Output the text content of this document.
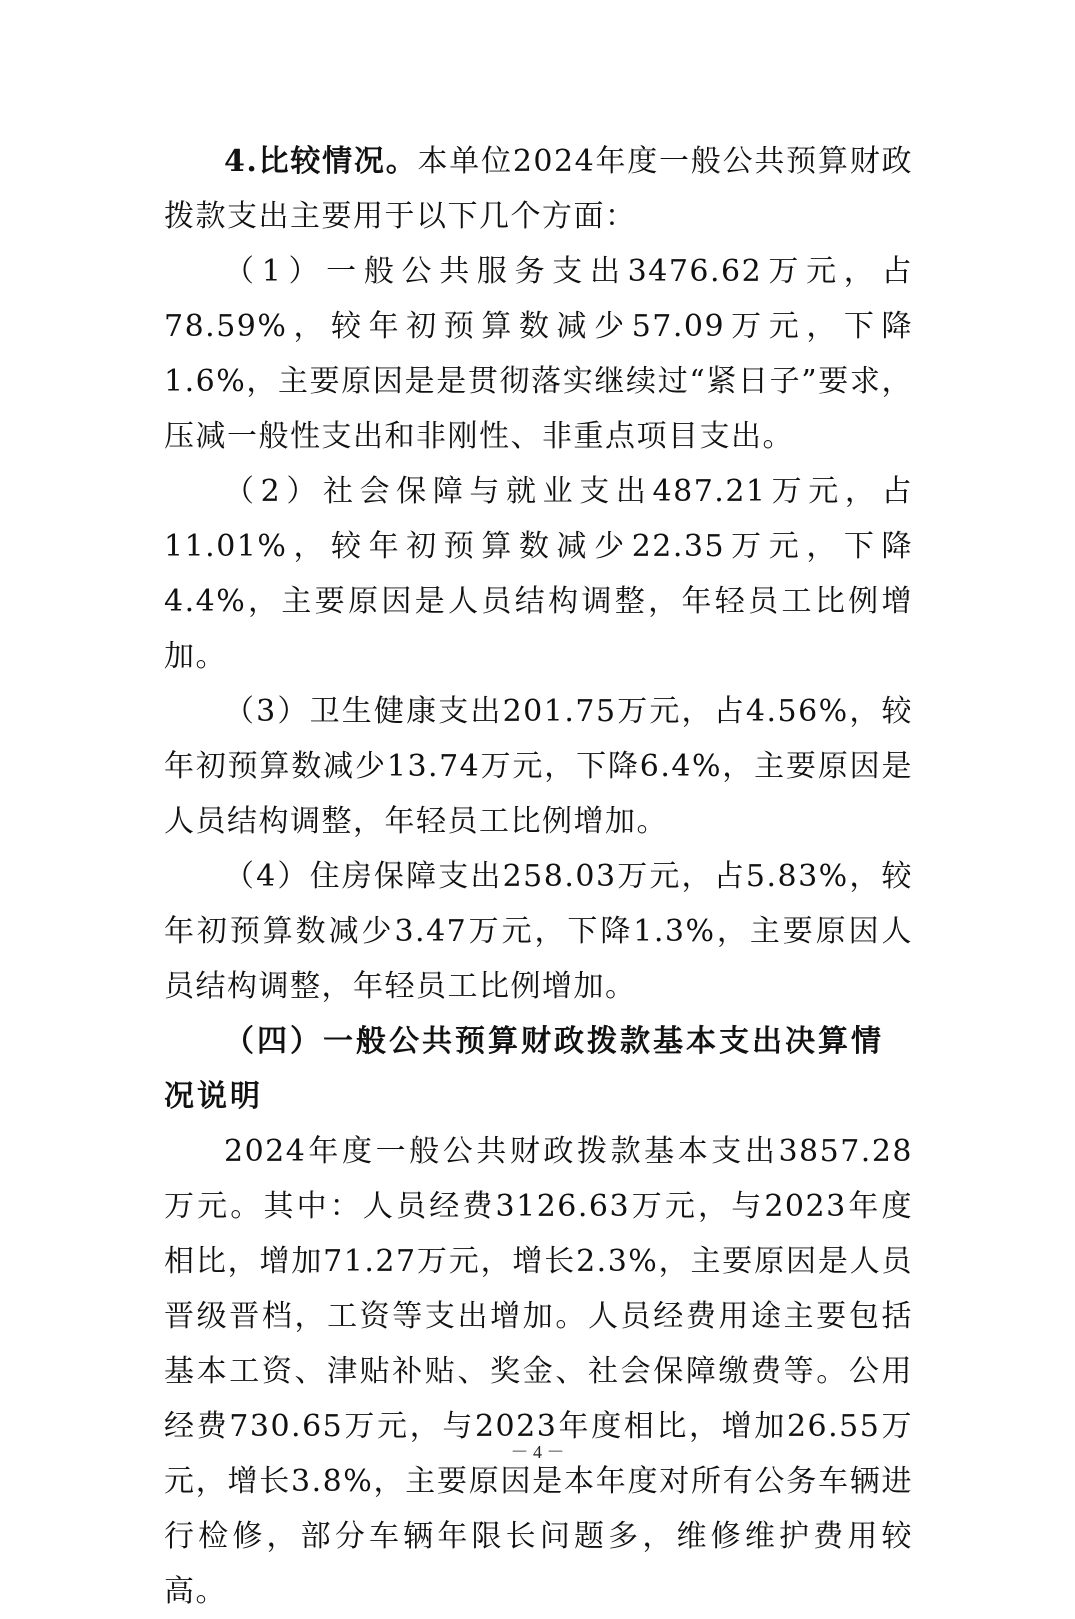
4.比较情况。本单位2024年度一般公共预算财政拨款支出主要用于以下几个方面：

（1）一般公共服务支出3476.62万元，占78.59%，较年初预算数减少57.09万元，下降1.6%，主要原因是是贯彻落实继续过“紧日子”要求，压减一般性支出和非刚性、非重点项目支出。

（2）社会保障与就业支出487.21万元，占11.01%，较年初预算数减少22.35万元，下降4.4%，主要原因是人员结构调整，年轻员工比例增加。

（3）卫生健康支出201.75万元，占4.56%，较年初预算数减少13.74万元，下降6.4%，主要原因是人员结构调整，年轻员工比例增加。

（4）住房保障支出258.03万元，占5.83%，较年初预算数减少3.47万元，下降1.3%，主要原因人员结构调整，年轻员工比例增加。

（四）一般公共预算财政拨款基本支出决算情况说明

2024年度一般公共财政拨款基本支出3857.28万元。其中：人员经费3126.63万元，与2023年度相比，增加71.27万元，增长2.3%，主要原因是人员晋级晋档，工资等支出增加。人员经费用途主要包括基本工资、津贴补贴、奖金、社会保障缴费等。公用经费730.65万元，与2023年度相比，增加26.55万元，增长3.8%，主要原因是本年度对所有公务车辆进行检修，部分车辆年限长问题多，维修维护费用较高。

－ 4 －
